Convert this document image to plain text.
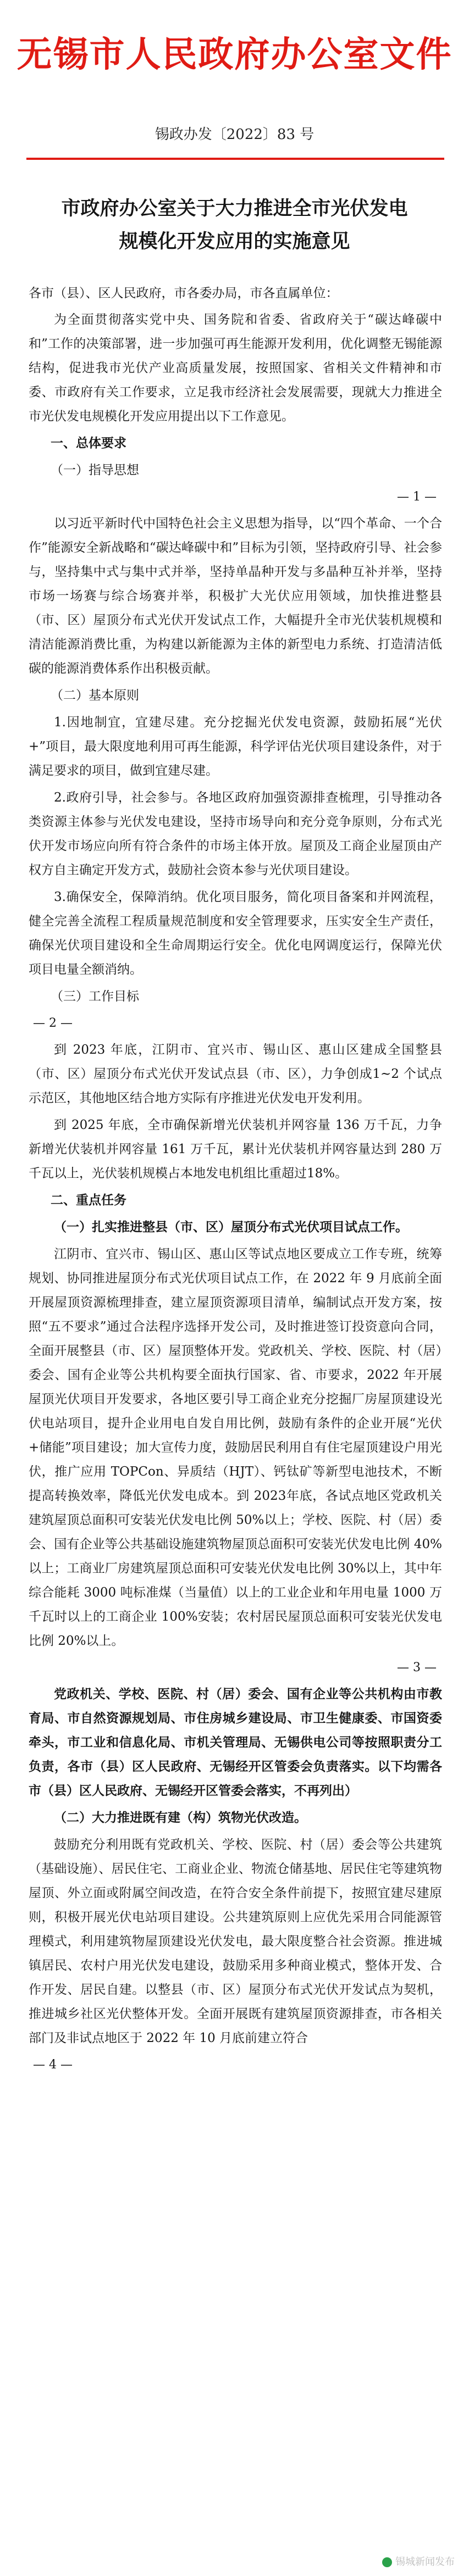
无锡市人民政府办公室文件
锡政办发〔2022〕83 号
市政府办公室关于大力推进全市光伏发电
规模化开发应用的实施意见

各市（县）、区人民政府，市各委办局，市各直属单位：

为全面贯彻落实党中央、国务院和省委、省政府关于“碳达峰碳中和”工作的决策部署，进一步加强可再生能源开发利用，优化调整无锡能源结构，促进我市光伏产业高质量发展，按照国家、省相关文件精神和市委、市政府有关工作要求，立足我市经济社会发展需要，现就大力推进全市光伏发电规模化开发应用提出以下工作意见。

一、总体要求

（一）指导思想

— 1 —

以习近平新时代中国特色社会主义思想为指导，以“四个革命、一个合作”能源安全新战略和“碳达峰碳中和”目标为引领，坚持政府引导、社会参与，坚持集中式与集中式并举，坚持单晶种开发与多晶种互补并举，坚持市场一场赛与综合场赛并举，积极扩大光伏应用领域，加快推进整县（市、区）屋顶分布式光伏开发试点工作，大幅提升全市光伏装机规模和清洁能源消费比重，为构建以新能源为主体的新型电力系统、打造清洁低碳的能源消费体系作出积极贡献。

（二）基本原则

1.因地制宜，宜建尽建。充分挖掘光伏发电资源，鼓励拓展“光伏+”项目，最大限度地利用可再生能源，科学评估光伏项目建设条件，对于满足要求的项目，做到宜建尽建。

2.政府引导，社会参与。各地区政府加强资源排查梳理，引导推动各类资源主体参与光伏发电建设，坚持市场导向和充分竞争原则，分布式光伏开发市场应向所有符合条件的市场主体开放。屋顶及工商企业屋顶由产权方自主确定开发方式，鼓励社会资本参与光伏项目建设。

3.确保安全，保障消纳。优化项目服务，简化项目备案和并网流程，健全完善全流程工程质量规范制度和安全管理要求，压实安全生产责任，确保光伏项目建设和全生命周期运行安全。优化电网调度运行，保障光伏项目电量全额消纳。

（三）工作目标

— 2 —

到 2023 年底，江阴市、宜兴市、锡山区、惠山区建成全国整县（市、区）屋顶分布式光伏开发试点县（市、区），力争创成1~2 个试点示范区，其他地区结合地方实际有序推进光伏发电开发利用。

到 2025 年底，全市确保新增光伏装机并网容量 136 万千瓦，力争新增光伏装机并网容量 161 万千瓦，累计光伏装机并网容量达到 280 万千瓦以上，光伏装机规模占本地发电机组比重超过18%。

二、重点任务

（一）扎实推进整县（市、区）屋顶分布式光伏项目试点工作。

江阴市、宜兴市、锡山区、惠山区等试点地区要成立工作专班，统筹规划、协同推进屋顶分布式光伏项目试点工作，在 2022 年 9 月底前全面开展屋顶资源梳理排查，建立屋顶资源项目清单，编制试点开发方案，按照“五不要求”通过合法程序选择开发公司，及时推进签订投资意向合同，全面开展整县（市、区）屋顶整体开发。党政机关、学校、医院、村（居）委会、国有企业等公共机构要全面执行国家、省、市要求，2022 年开展屋顶光伏项目开发要求，各地区要引导工商企业充分挖掘厂房屋顶建设光伏电站项目，提升企业用电自发自用比例，鼓励有条件的企业开展“光伏+储能”项目建设；加大宣传力度，鼓励居民利用自有住宅屋顶建设户用光伏，推广应用 TOPCon、异质结（HJT）、钙钛矿等新型电池技术，不断提高转换效率，降低光伏发电成本。到 2023年底，各试点地区党政机关建筑屋顶总面积可安装光伏发电比例 50%以上；学校、医院、村（居）委会、国有企业等公共基础设施建筑物屋顶总面积可安装光伏发电比例 40%以上；工商业厂房建筑屋顶总面积可安装光伏发电比例 30%以上，其中年综合能耗 3000 吨标准煤（当量值）以上的工业企业和年用电量 1000 万千瓦时以上的工商企业 100%安装；农村居民屋顶总面积可安装光伏发电比例 20%以上。

— 3 —

党政机关、学校、医院、村（居）委会、国有企业等公共机构由市教育局、市自然资源规划局、市住房城乡建设局、市卫生健康委、市国资委牵头，市工业和信息化局、市机关管理局、无锡供电公司等按照职责分工负责，各市（县）区人民政府、无锡经开区管委会负责落实。以下均需各市（县）区人民政府、无锡经开区管委会落实，不再列出）

（二）大力推进既有建（构）筑物光伏改造。

鼓励充分利用既有党政机关、学校、医院、村（居）委会等公共建筑（基础设施）、居民住宅、工商业企业、物流仓储基地、居民住宅等建筑物屋顶、外立面或附属空间改造，在符合安全条件前提下，按照宜建尽建原则，积极开展光伏电站项目建设。公共建筑原则上应优先采用合同能源管理模式，利用建筑物屋顶建设光伏发电，最大限度整合社会资源。推进城镇居民、农村户用光伏发电建设，鼓励采用多种商业模式，整体开发、合作开发、居民自建。以整县（市、区）屋顶分布式光伏开发试点为契机，推进城乡社区光伏整体开发。全面开展既有建筑屋顶资源排查，市各相关部门及非试点地区于 2022 年 10 月底前建立符合

— 4 —
锡城新闻发布
